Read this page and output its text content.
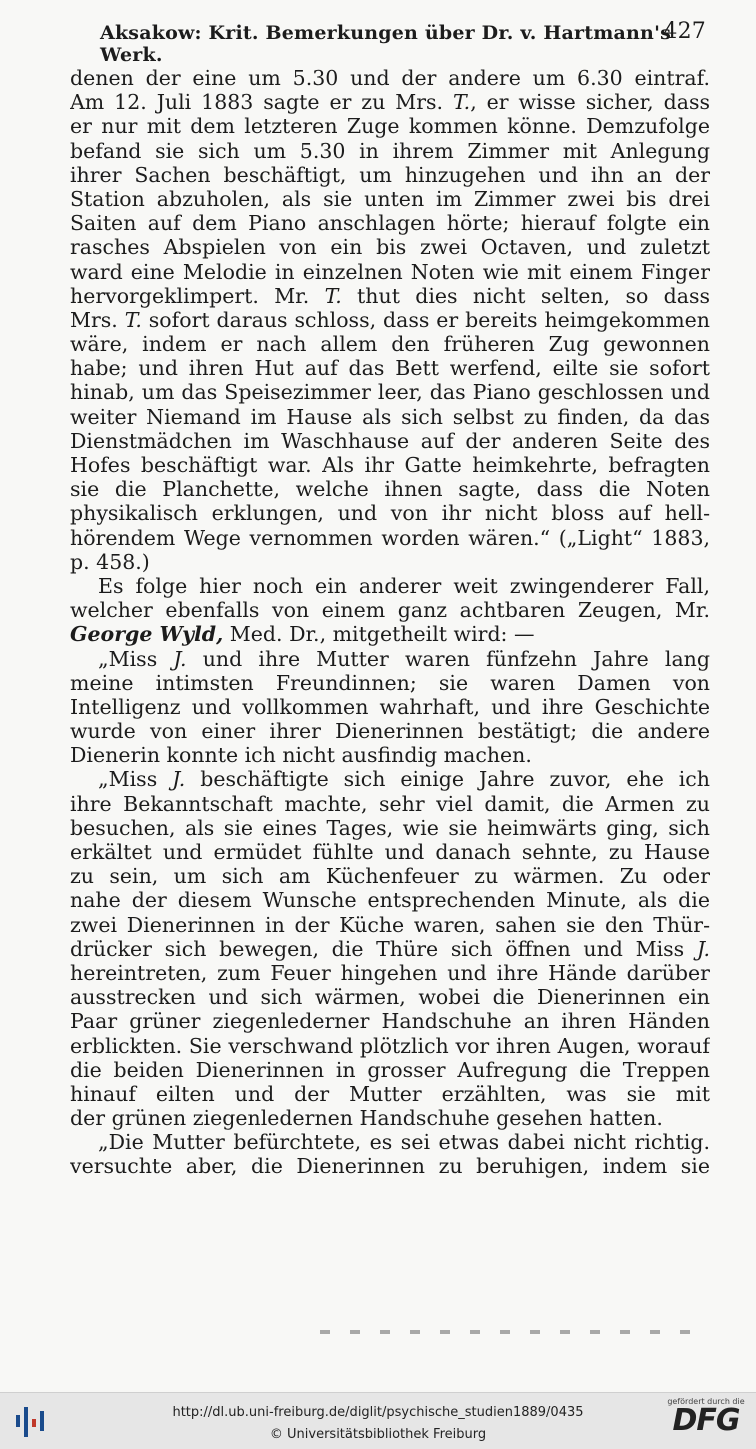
Aksakow: Krit. Bemerkungen über Dr. v. Hartmann's Werk.
427
denen der eine um 5.30 und der andere um 6.30 eintraf.
Am 12. Juli 1883 sagte er zu Mrs. T., er wisse sicher, dass
er nur mit dem letzteren Zuge kommen könne. Demzufolge
befand sie sich um 5.30 in ihrem Zimmer mit Anlegung
ihrer Sachen beschäftigt, um hinzugehen und ihn an der
Station abzuholen, als sie unten im Zimmer zwei bis drei
Saiten auf dem Piano anschlagen hörte; hierauf folgte ein
rasches Abspielen von ein bis zwei Octaven, und zuletzt
ward eine Melodie in einzelnen Noten wie mit einem Finger
hervorgeklimpert. Mr. T. thut dies nicht selten, so dass
Mrs. T. sofort daraus schloss, dass er bereits heimgekommen
wäre, indem er nach allem den früheren Zug gewonnen
habe; und ihren Hut auf das Bett werfend, eilte sie sofort
hinab, um das Speisezimmer leer, das Piano geschlossen und
weiter Niemand im Hause als sich selbst zu finden, da das
Dienstmädchen im Waschhause auf der anderen Seite des
Hofes beschäftigt war. Als ihr Gatte heimkehrte, befragten
sie die Planchette, welche ihnen sagte, dass die Noten
physikalisch erklungen, und von ihr nicht bloss auf hell-
hörendem Wege vernommen worden wären.“ („Light“ 1883,
p. 458.)
Es folge hier noch ein anderer weit zwingenderer Fall,
welcher ebenfalls von einem ganz achtbaren Zeugen, Mr.
George Wyld, Med. Dr., mitgetheilt wird: —
„Miss J. und ihre Mutter waren fünfzehn Jahre lang
meine intimsten Freundinnen; sie waren Damen von
Intelligenz und vollkommen wahrhaft, und ihre Geschichte
wurde von einer ihrer Dienerinnen bestätigt; die andere
Dienerin konnte ich nicht ausfindig machen.
„Miss J. beschäftigte sich einige Jahre zuvor, ehe ich
ihre Bekanntschaft machte, sehr viel damit, die Armen zu
besuchen, als sie eines Tages, wie sie heimwärts ging, sich
erkältet und ermüdet fühlte und danach sehnte, zu Hause
zu sein, um sich am Küchenfeuer zu wärmen. Zu oder
nahe der diesem Wunsche entsprechenden Minute, als die
zwei Dienerinnen in der Küche waren, sahen sie den Thür-
drücker sich bewegen, die Thüre sich öffnen und Miss J.
hereintreten, zum Feuer hingehen und ihre Hände darüber
ausstrecken und sich wärmen, wobei die Dienerinnen ein
Paar grüner ziegenlederner Handschuhe an ihren Händen
erblickten. Sie verschwand plötzlich vor ihren Augen, worauf
die beiden Dienerinnen in grosser Aufregung die Treppen
hinauf eilten und der Mutter erzählten, was sie mit
der grünen ziegenledernen Handschuhe gesehen hatten.
„Die Mutter befürchtete, es sei etwas dabei nicht richtig.
versuchte aber, die Dienerinnen zu beruhigen, indem sie
http://dl.ub.uni-freiburg.de/diglit/psychische_studien1889/0435
© Universitätsbibliothek Freiburg
gefördert durch die
DFG
